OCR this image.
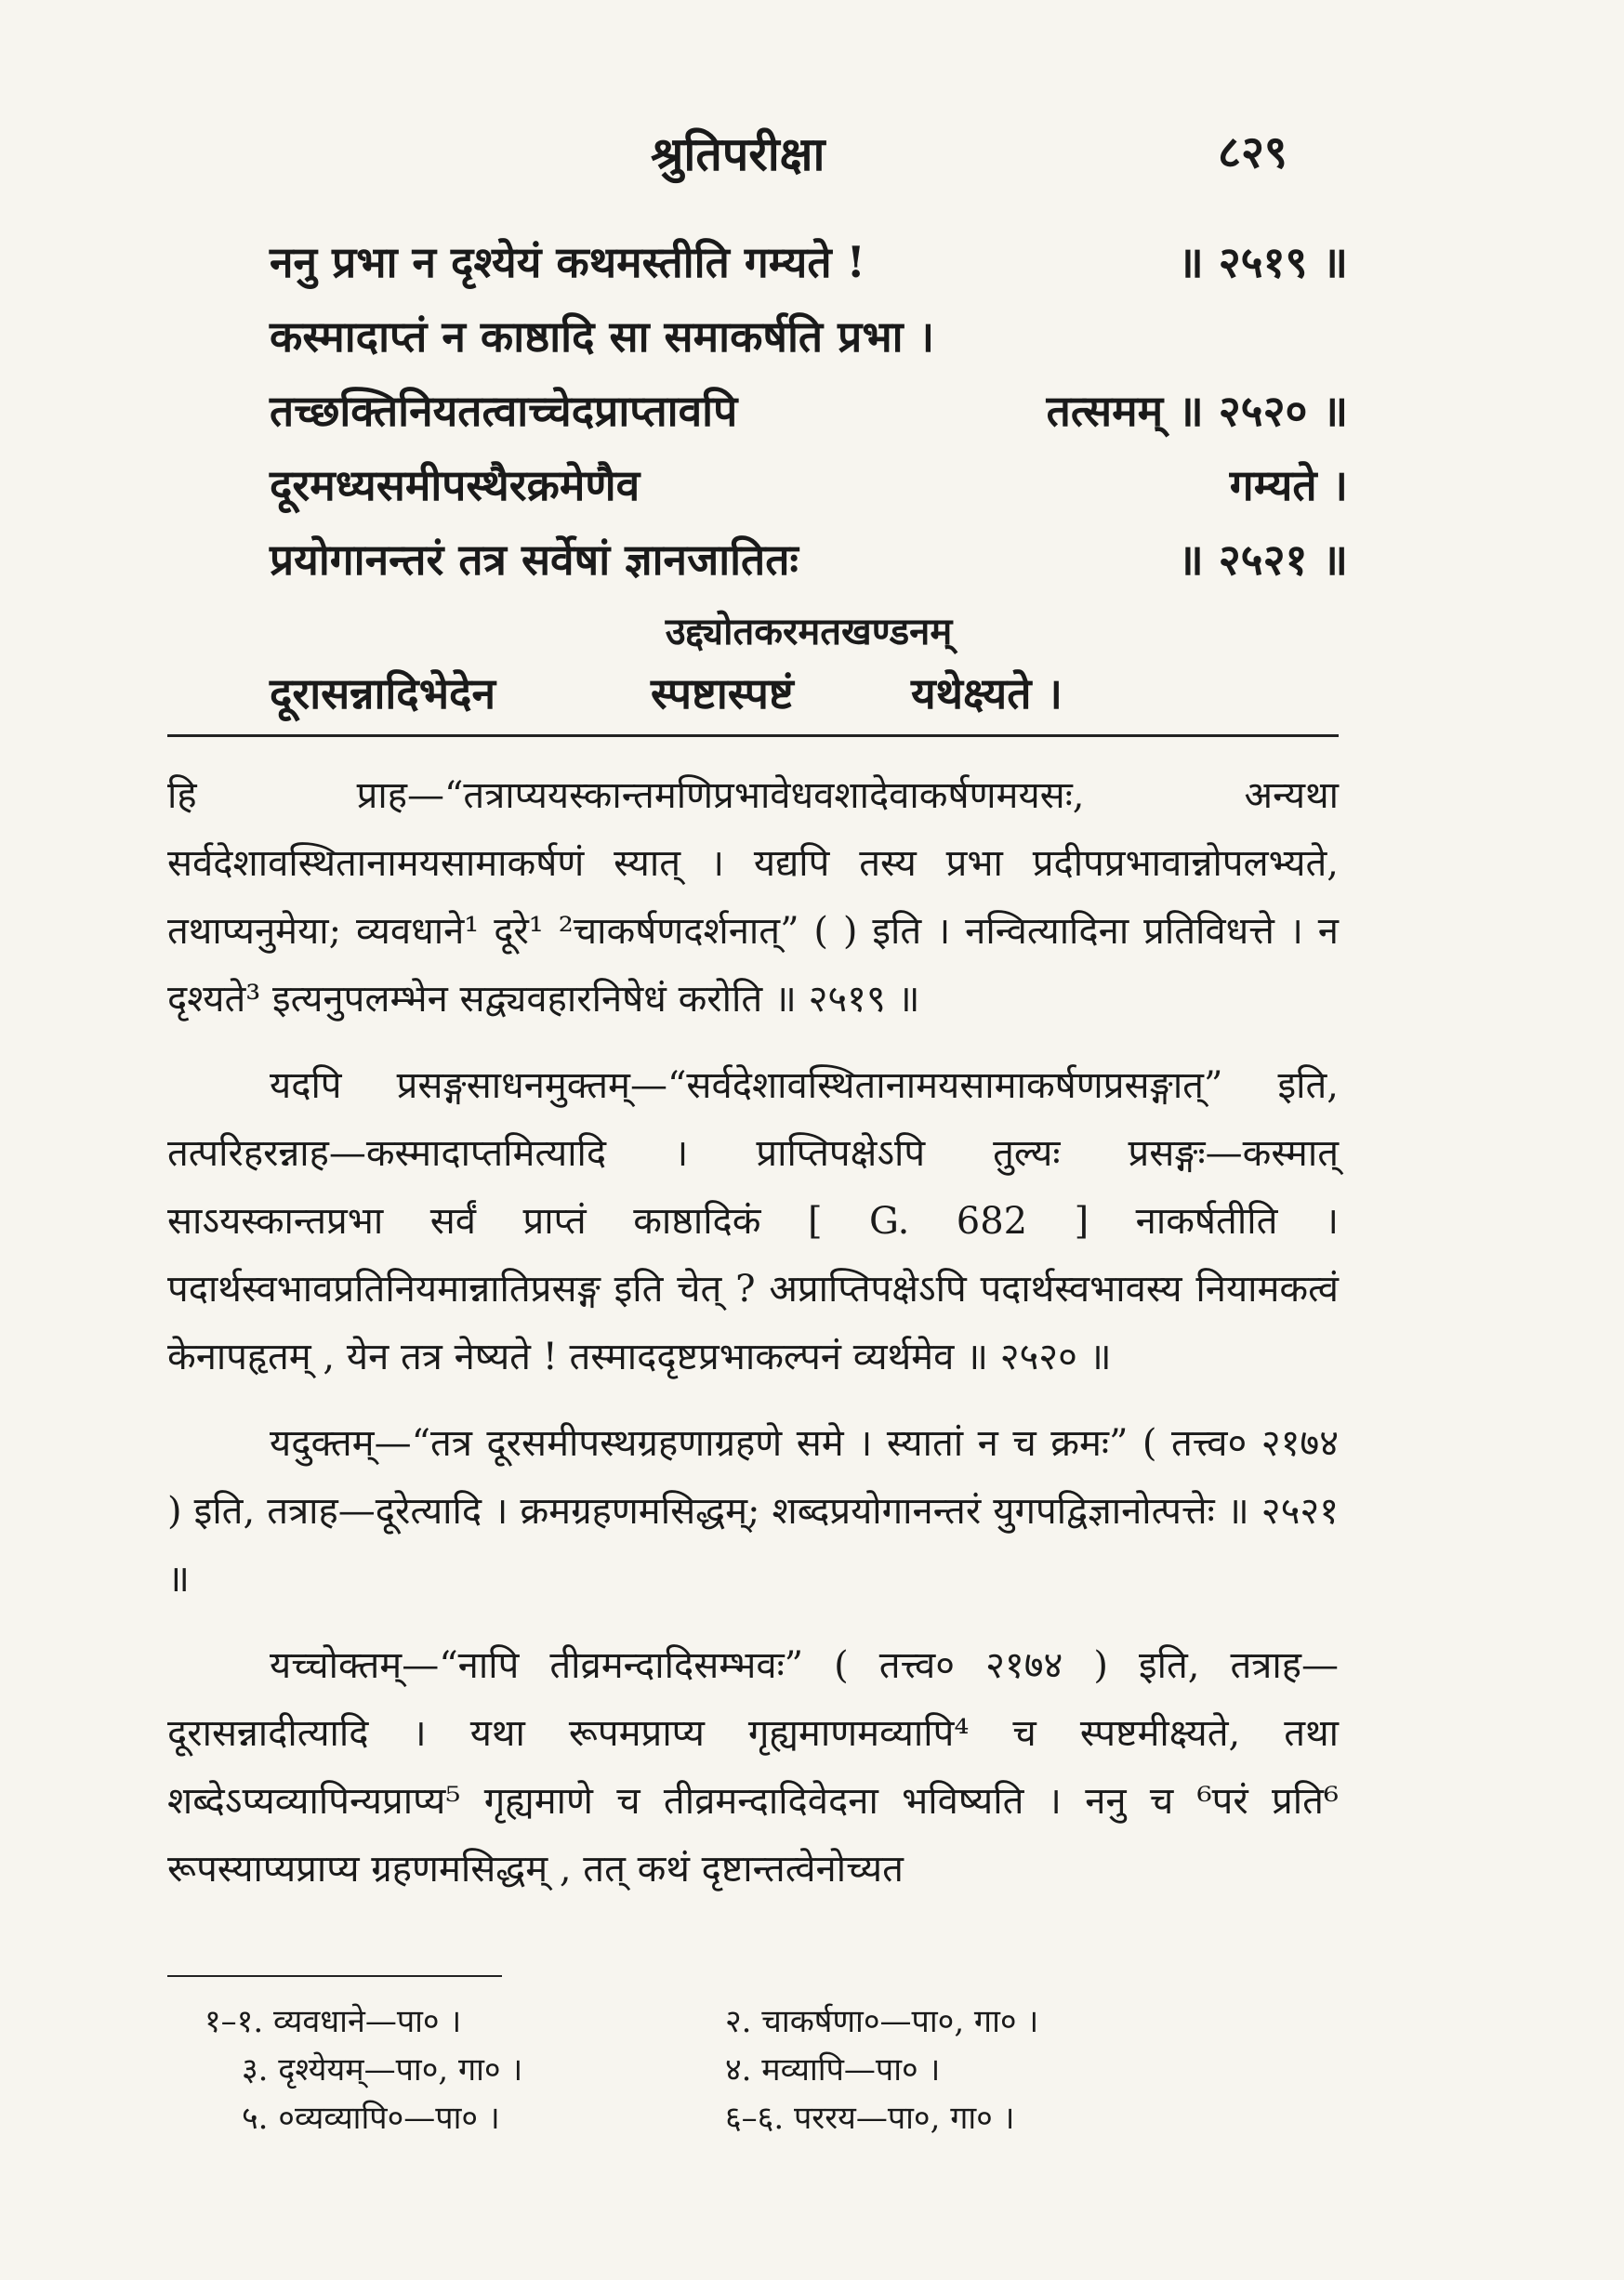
श्रुतिपरीक्षा	८२९
ननु प्रभा न दृश्येयं कथमस्तीति गम्यते !	॥ २५१९ ॥
कस्मादाप्तं न काष्ठादि सा समाकर्षति प्रभा ।
तच्छक्तिनियतत्वाच्चेदप्राप्तावपि	तत्समम् ॥ २५२० ॥
दूरमध्यसमीपस्थैरक्रमेणैव	गम्यते ।
प्रयोगानन्तरं तत्र सर्वेषां ज्ञानजातितः	॥ २५२१ ॥
उद्द्योतकरमतखण्डनम्
दूरासन्नादिभेदेन	स्पष्टास्पष्टं	यथेक्ष्यते ।

हि प्राह—“तत्राप्ययस्कान्तमणिप्रभावेधवशादेवाकर्षणमयसः, अन्यथा सर्वदेशावस्थितानामयसामाकर्षणं स्यात् । यद्यपि तस्य प्रभा प्रदीपप्रभावान्नोपलभ्यते, तथाप्यनुमेया; व्यवधाने¹ दूरे¹ ²चाकर्षणदर्शनात्” ( ) इति । नन्वित्यादिना प्रतिविधत्ते । न दृश्यते³ इत्यनुपलम्भेन सद्व्यवहारनिषेधं करोति ॥ २५१९ ॥

यदपि प्रसङ्गसाधनमुक्तम्—“सर्वदेशावस्थितानामयसामाकर्षणप्रसङ्गात्” इति, तत्परिहरन्नाह—कस्मादाप्तमित्यादि । प्राप्तिपक्षेऽपि तुल्यः प्रसङ्गः—कस्मात् साऽयस्कान्तप्रभा सर्वं प्राप्तं काष्ठादिकं [ G. 682 ] नाकर्षतीति । पदार्थस्वभावप्रतिनियमान्नातिप्रसङ्ग इति चेत् ? अप्राप्तिपक्षेऽपि पदार्थस्वभावस्य नियामकत्वं केनापहृतम् , येन तत्र नेष्यते ! तस्माददृष्टप्रभाकल्पनं व्यर्थमेव ॥ २५२० ॥

यदुक्तम्—“तत्र दूरसमीपस्थग्रहणाग्रहणे समे । स्यातां न च क्रमः” ( तत्त्व० २१७४ ) इति, तत्राह—दूरेत्यादि । क्रमग्रहणमसिद्धम्; शब्दप्रयोगानन्तरं युगपद्विज्ञानोत्पत्तेः ॥ २५२१ ॥

यच्चोक्तम्—“नापि तीव्रमन्दादिसम्भवः” ( तत्त्व० २१७४ ) इति, तत्राह—दूरासन्नादीत्यादि । यथा रूपमप्राप्य गृह्यमाणमव्यापि⁴ च स्पष्टमीक्ष्यते, तथा शब्देऽप्यव्यापिन्यप्राप्य⁵ गृह्यमाणे च तीव्रमन्दादिवेदना भविष्यति । ननु च ⁶परं प्रति⁶ रूपस्याप्यप्राप्य ग्रहणमसिद्धम् , तत् कथं दृष्टान्तत्वेनोच्यत

१–१. व्यवधाने—पा० ।	२. चाकर्षणा०—पा०, गा० ।
३. दृश्येयम्—पा०, गा० ।	४. मव्यापि—पा० ।
५. ०व्यव्यापि०—पा० ।	६–६. पररय—पा०, गा० ।
